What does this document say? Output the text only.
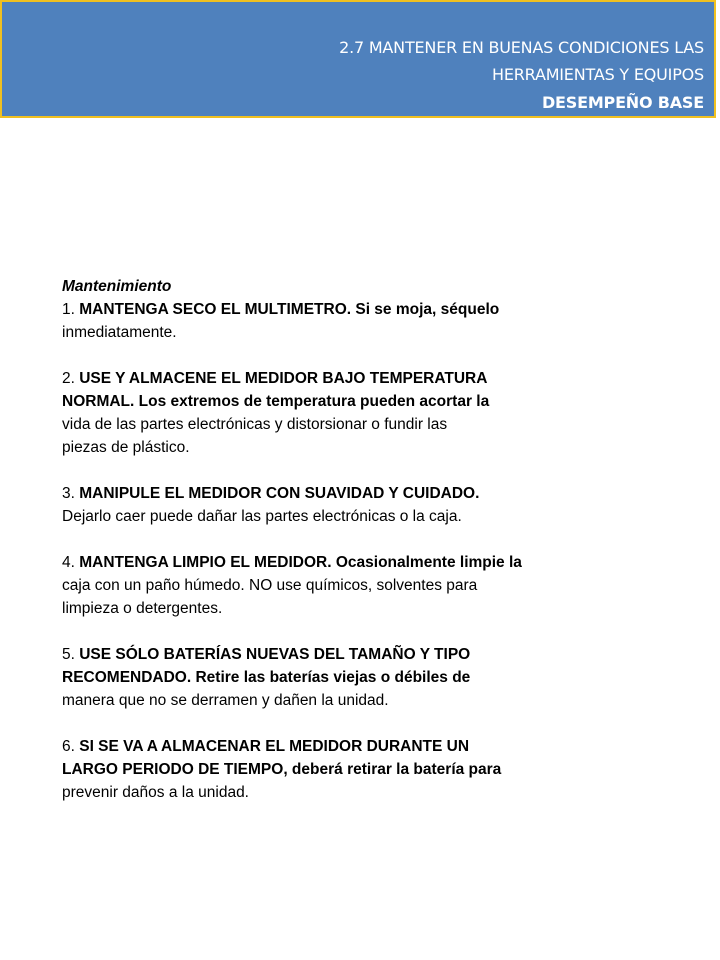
2.7 MANTENER EN BUENAS CONDICIONES LAS
HERRAMIENTAS Y EQUIPOS
DESEMPEÑO BASE
Mantenimiento
1. MANTENGA SECO EL MULTIMETRO. Si se moja, séquelo
inmediatamente.
2. USE Y ALMACENE EL MEDIDOR BAJO TEMPERATURA
NORMAL. Los extremos de temperatura pueden acortar la
vida de las partes electrónicas y distorsionar o fundir las
piezas de plástico.
3. MANIPULE EL MEDIDOR CON SUAVIDAD Y CUIDADO.
Dejarlo caer puede dañar las partes electrónicas o la caja.
4. MANTENGA LIMPIO EL MEDIDOR. Ocasionalmente limpie la
caja con un paño húmedo. NO use químicos, solventes para
limpieza o detergentes.
5. USE SÓLO BATERÍAS NUEVAS DEL TAMAÑO Y TIPO
RECOMENDADO. Retire las baterías viejas o débiles de
manera que no se derramen y dañen la unidad.
6. SI SE VA A ALMACENAR EL MEDIDOR DURANTE UN
LARGO PERIODO DE TIEMPO, deberá retirar la batería para
prevenir daños a la unidad.
